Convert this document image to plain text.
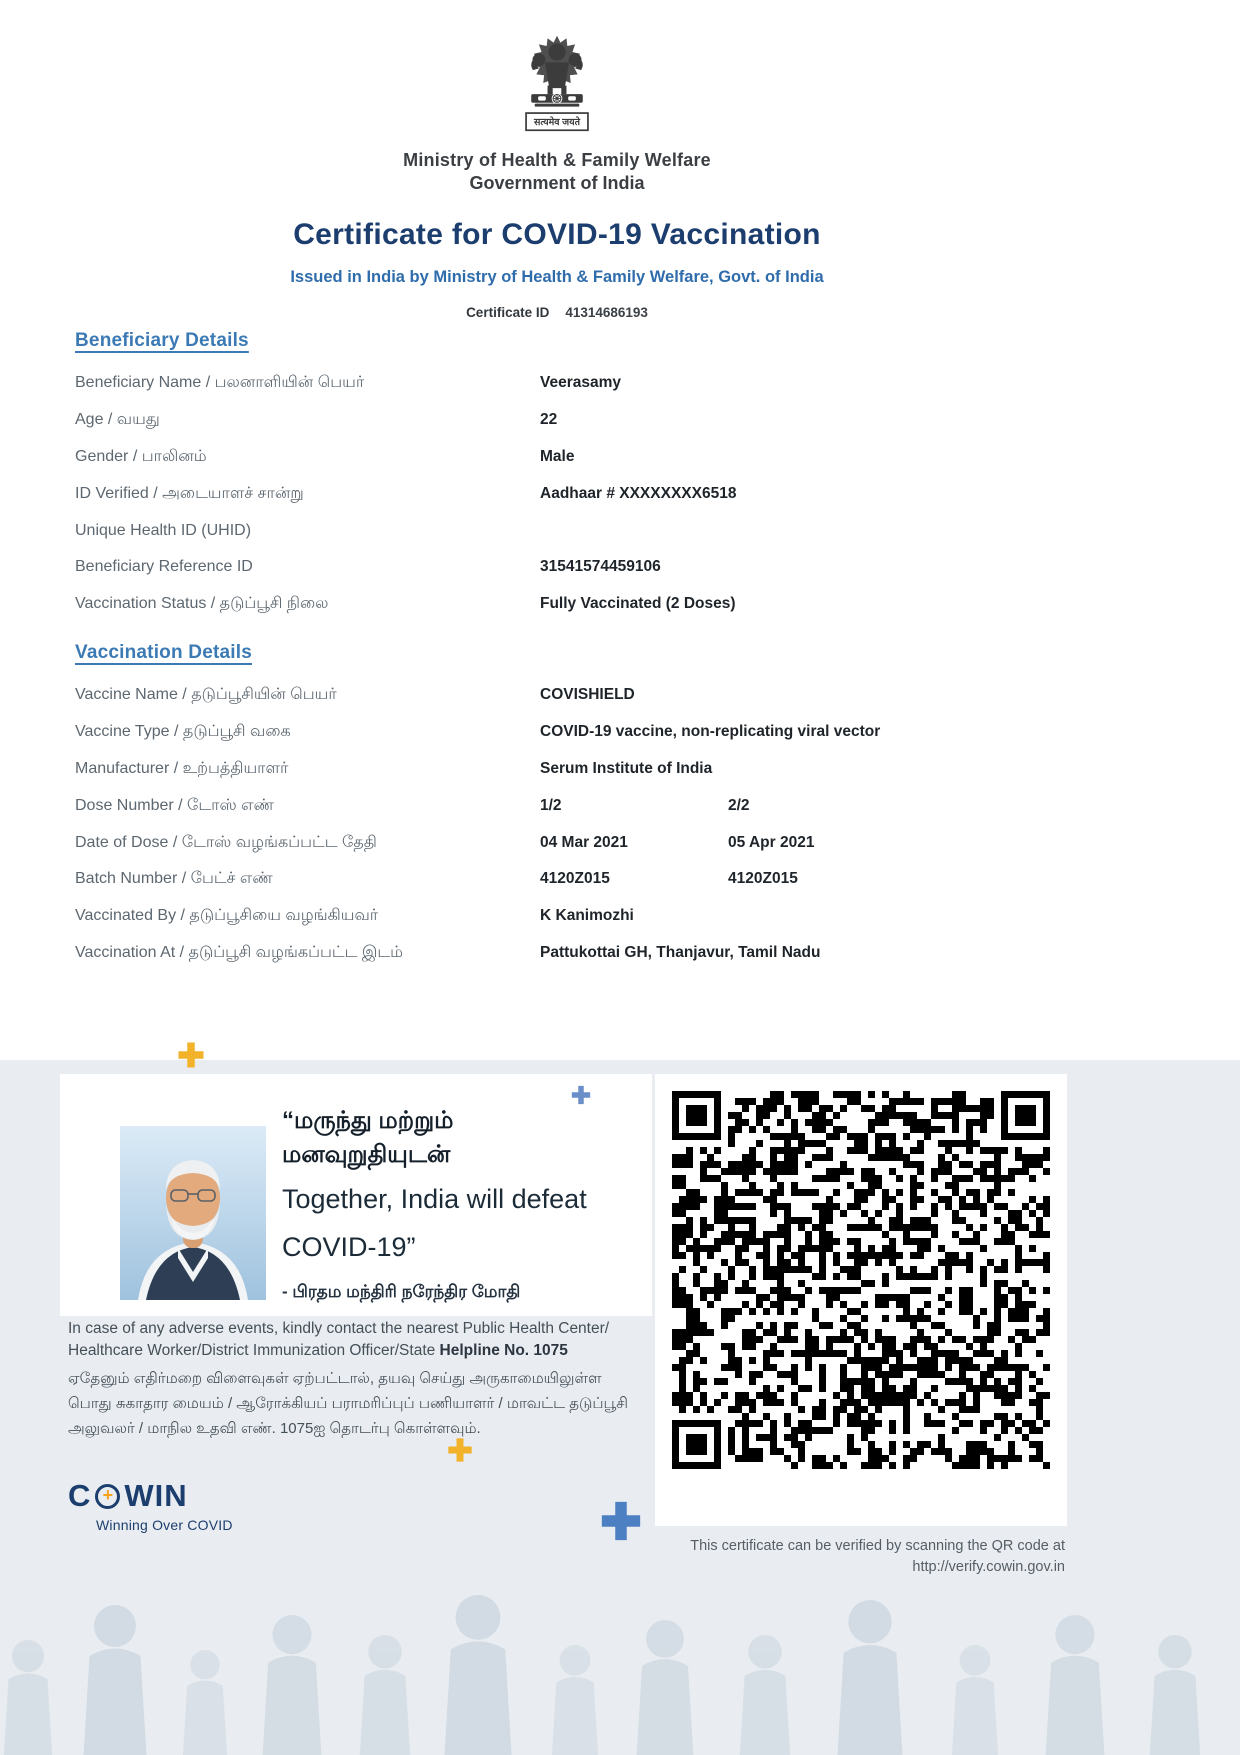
सत्यमेव जयते
Ministry of Health & Family Welfare
Government of India
Certificate for COVID-19 Vaccination
Issued in India by Ministry of Health & Family Welfare, Govt. of India
Certificate ID 41314686193
Beneficiary Details
Beneficiary Name / பலனாளியின் பெயர்	Veerasamy
Age / வயது	22
Gender / பாலினம்	Male
ID Verified / அடையாளச் சான்று	Aadhaar # XXXXXXXX6518
Unique Health ID (UHID)
Beneficiary Reference ID	31541574459106
Vaccination Status / தடுப்பூசி நிலை	Fully Vaccinated (2 Doses)
Vaccination Details
Vaccine Name / தடுப்பூசியின் பெயர்	COVISHIELD
Vaccine Type / தடுப்பூசி வகை	COVID-19 vaccine, non-replicating viral vector
Manufacturer / உற்பத்தியாளர்	Serum Institute of India
Dose Number / டோஸ் எண்	1/2	2/2
Date of Dose / டோஸ் வழங்கப்பட்ட தேதி	04 Mar 2021	05 Apr 2021
Batch Number / பேட்ச் எண்	4120Z015	4120Z015
Vaccinated By / தடுப்பூசியை வழங்கியவர்	K Kanimozhi
Vaccination At / தடுப்பூசி வழங்கப்பட்ட இடம்	Pattukottai GH, Thanjavur, Tamil Nadu
“மருந்து மற்றும்
மனவுறுதியுடன்
Together, India will defeat
COVID-19”
- பிரதம மந்திரி நரேந்திர மோதி

In case of any adverse events, kindly contact the nearest Public Health Center/ Healthcare Worker/District Immunization Officer/State Helpline No. 1075

ஏதேனும் எதிர்மறை விளைவுகள் ஏற்பட்டால், தயவு செய்து அருகாமையிலுள்ள பொது சுகாதார மையம் / ஆரோக்கியப் பராமரிப்புப் பணியாளர் / மாவட்ட தடுப்பூசி அலுவலர் / மாநில உதவி எண். 1075ஐ தொடர்பு கொள்ளவும்.

C + WIN
Winning Over COVID
This certificate can be verified by scanning the QR code at
http://verify.cowin.gov.in
